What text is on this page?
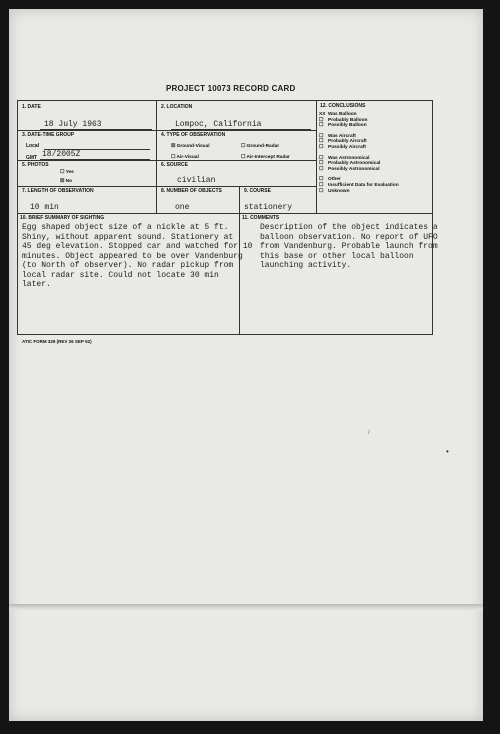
PROJECT 10073 RECORD CARD
1. DATE
18 July 1963
2. LOCATION
Lompoc, California
3. DATE-TIME GROUP
Local
GMT 18/2005Z
4. TYPE OF OBSERVATION
☒ Ground-Visual	☐ Ground-Radar
☐ Air-Visual	☐ Air-Intercept Radar
5. PHOTOS
☐ Yes
☒ No
6. SOURCE
civilian
7. LENGTH OF OBSERVATION
10 min
8. NUMBER OF OBJECTS
one
9. COURSE
stationery
12. CONCLUSIONS
XX Was Balloon
☐ Probably Balloon
☐ Possibly Balloon
☐ Was Aircraft
☐ Probably Aircraft
☐ Possibly Aircraft
☐ Was Astronomical
☐ Probably Astronomical
☐ Possibly Astronomical
☐ Other
☐ Insufficient Data for Evaluation
☐ Unknown
10. BRIEF SUMMARY OF SIGHTING
Egg shaped object size of a nickle at 5 ft.
Shiny, without apparent sound. Stationery at
45 deg elevation. Stopped car and watched for 10
minutes. Object appeared to be over Vandenburg
(to North of observer). No radar pickup from
local radar site. Could not locate 30 min
later.
11. COMMENTS
Description of the object indicates a
balloon observation. No report of UFO
from Vandenburg. Probable launch from
this base or other local balloon
launching activity.
ATIC FORM 329 (REV 26 SEP 52)
/
•
·
